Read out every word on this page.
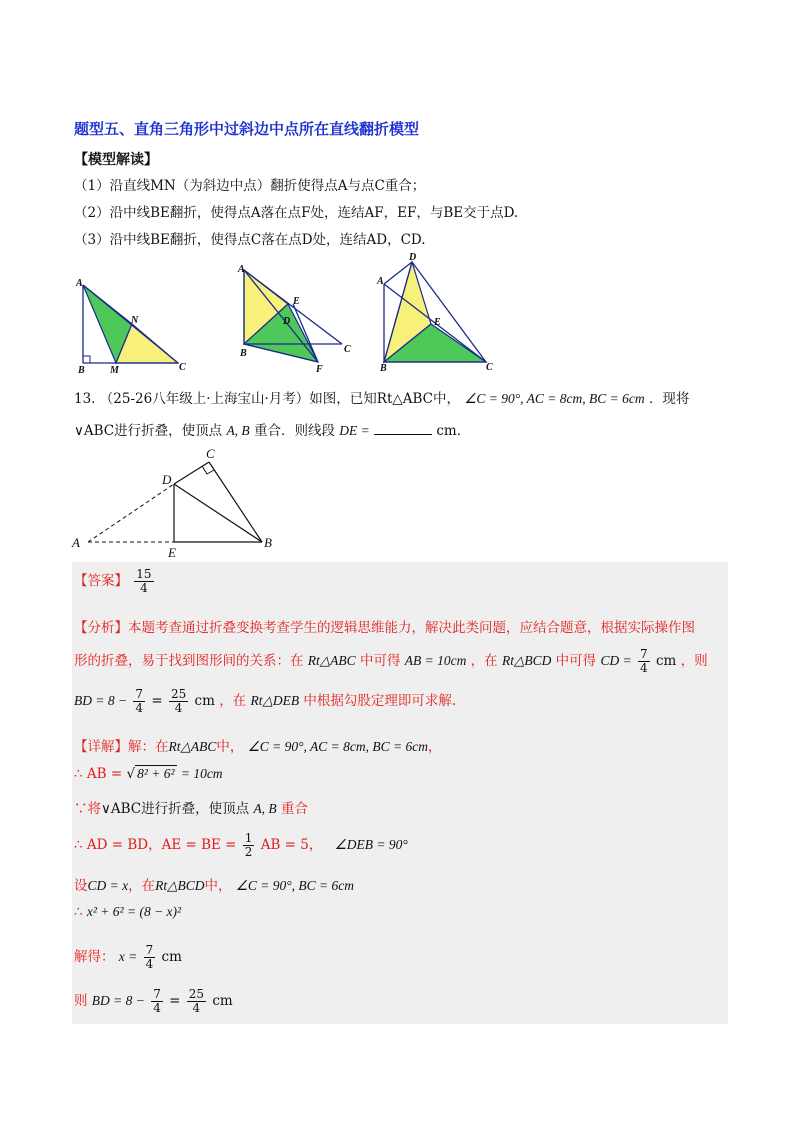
题型五、直角三角形中过斜边中点所在直线翻折模型
【模型解读】
（1）沿直线MN（为斜边中点）翻折使得点A与点C重合；
（2）沿中线BE翻折，使得点A落在点F处，连结AF，EF，与BE交于点D.
（3）沿中线BE翻折，使得点C落在点D处，连结AD，CD.
A
N
B	M	C
A
E
D
B	C
F
D
A
E
B	C
13. （25-26八年级上·上海宝山·月考）如图，已知Rt△ABC中， ∠C = 90°, AC = 8cm, BC = 6cm ．现将
∨ABC进行折叠，使顶点 A, B 重合．则线段 DE =	cm．
C
D
A
E
B
【答案】 $\frac{15}{4}$
【分析】本题考查通过折叠变换考查学生的逻辑思维能力，解决此类问题，应结合题意，根据实际操作图
形的折叠，易于找到图形间的关系：在 Rt△ABC 中可得 AB = 10cm ，在 Rt△BCD 中可得 CD = $\frac{7}{4}$ cm ，则
BD = $8 - \frac{7}{4} = \frac{25}{4}$ cm ，在 Rt△DEB 中根据勾股定理即可求解.
【详解】解：在Rt△ABC中， ∠C = 90°, AC = 8cm, BC = 6cm，
∴ AB = √ 8² + 6² = 10cm
∵将∨ABC进行折叠，使顶点 A, B 重合
∴ AD = BD，AE = BE = $\frac{1}{2}$ AB = 5， ∠DEB = 90°
设CD = x，在Rt△BCD中， ∠C = 90°, BC = 6cm
∴ x² + 6² = (8 − x)²
解得： $x = \frac{7}{4}$ cm
则 BD = $8 - \frac{7}{4} = \frac{25}{4}$ cm
